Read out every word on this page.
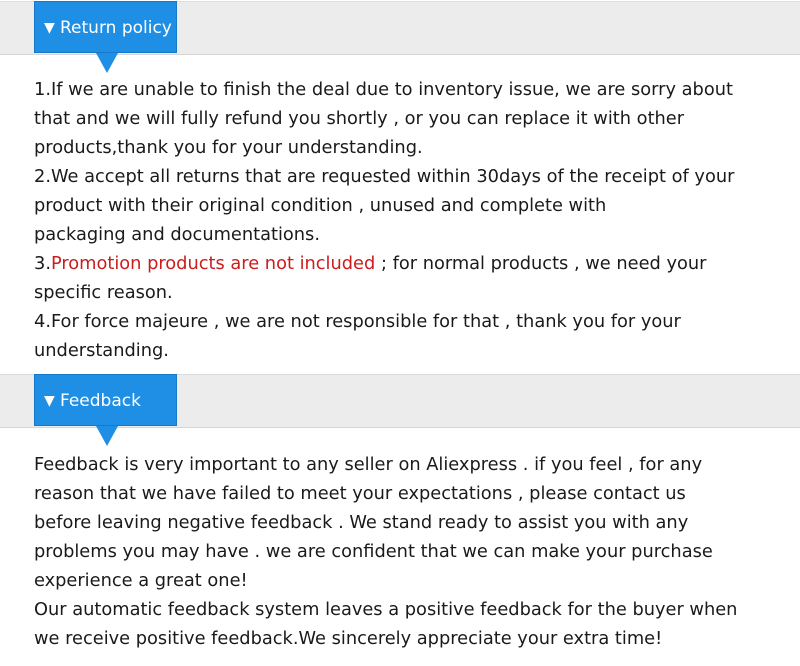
▼ Return policy
1.If we are unable to finish the deal due to inventory issue, we are sorry about
that and we will fully refund you shortly , or you can replace it with other
products,thank you for your understanding.
2.We accept all returns that are requested within 30days of the receipt of your
product with their original condition , unused and complete with
packaging and documentations.
3.Promotion products are not included ; for normal products , we need your
specific reason.
4.For force majeure , we are not responsible for that , thank you for your
understanding.
▼ Feedback
Feedback is very important to any seller on Aliexpress . if you feel , for any
reason that we have failed to meet your expectations , please contact us
before leaving negative feedback . We stand ready to assist you with any
problems you may have . we are confident that we can make your purchase
experience a great one!
Our automatic feedback system leaves a positive feedback for the buyer when
we receive positive feedback.We sincerely appreciate your extra time!
